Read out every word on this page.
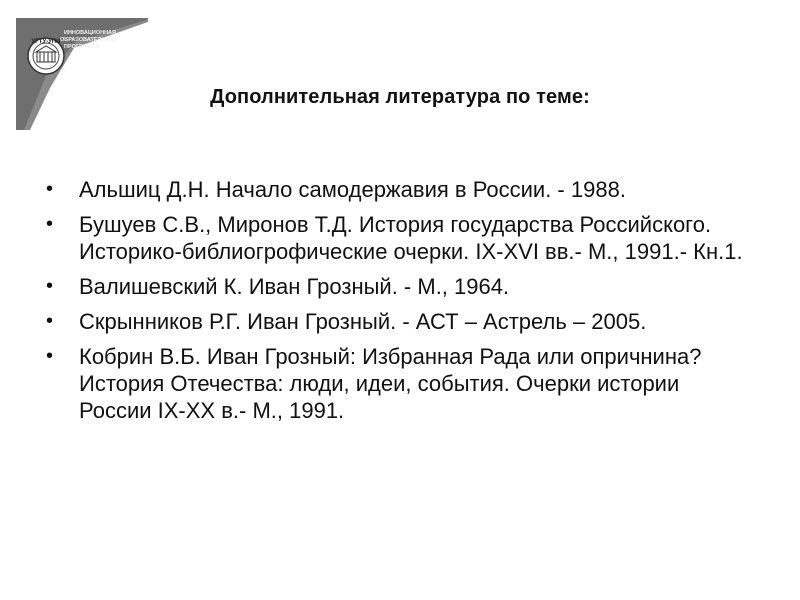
УГТУ-УПИ
ИННОВАЦИОННАЯ
ОБРАЗОВАТЕЛЬНАЯ
ПРОГРАММА
Дополнительная литература по теме:
• Альшиц Д.Н. Начало самодержавия в России. - 1988.
• Бушуев С.В., Миронов Т.Д. История государства Российского. Историко-библиогрофические очерки. IX-XVI вв.- М., 1991.- Кн.1.
• Валишевский К. Иван Грозный. - М., 1964.
• Скрынников Р.Г. Иван Грозный. - АСТ – Астрель – 2005.
• Кобрин В.Б. Иван Грозный: Избранная Рада или опричнина? История Отечества: люди, идеи, события. Очерки истории России IX-XX в.- М., 1991.
